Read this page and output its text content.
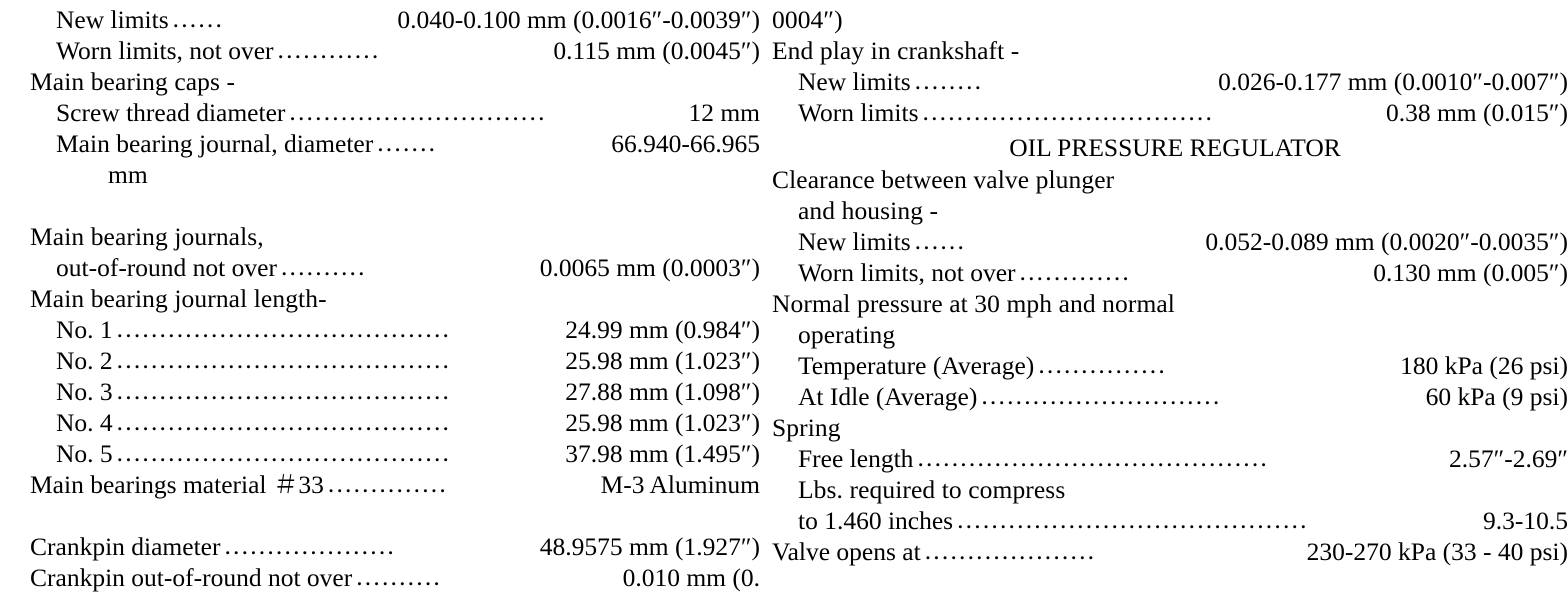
New limits ......	0.040-0.100 mm (0.0016″-0.0039″)
Worn limits, not over ............	0.115 mm (0.0045″)
Main bearing caps -
Screw thread diameter ..............................	12 mm
Main bearing journal, diameter .......	66.940-66.965
mm
Main bearing journals,
out-of-round not over ..........	0.0065 mm (0.0003″)
Main bearing journal length-
No. 1 .......................................	24.99 mm (0.984″)
No. 2 .......................................	25.98 mm (1.023″)
No. 3 .......................................	27.88 mm (1.098″)
No. 4 .......................................	25.98 mm (1.023″)
No. 5 .......................................	37.98 mm (1.495″)
Main bearings material ＃33 ..............	M-3 Aluminum
Crankpin diameter ....................	48.9575 mm (1.927″)
Crankpin out-of-round not over ..........	0.010 mm (0.
0004″)
End play in crankshaft -
New limits ........	0.026-0.177 mm (0.0010″-0.007″)
Worn limits ..................................	0.38 mm (0.015″)
OIL PRESSURE REGULATOR
Clearance between valve plunger
and housing -
New limits ......	0.052-0.089 mm (0.0020″-0.0035″)
Worn limits, not over .............	0.130 mm (0.005″)
Normal pressure at 30 mph and normal
operating
Temperature (Average) ...............	180 kPa (26 psi)
At Idle (Average) ............................	60 kPa (9 psi)
Spring
Free length .........................................	2.57″-2.69″
Lbs. required to compress
to 1.460 inches .........................................	9.3-10.5
Valve opens at ....................	230-270 kPa (33 - 40 psi)
